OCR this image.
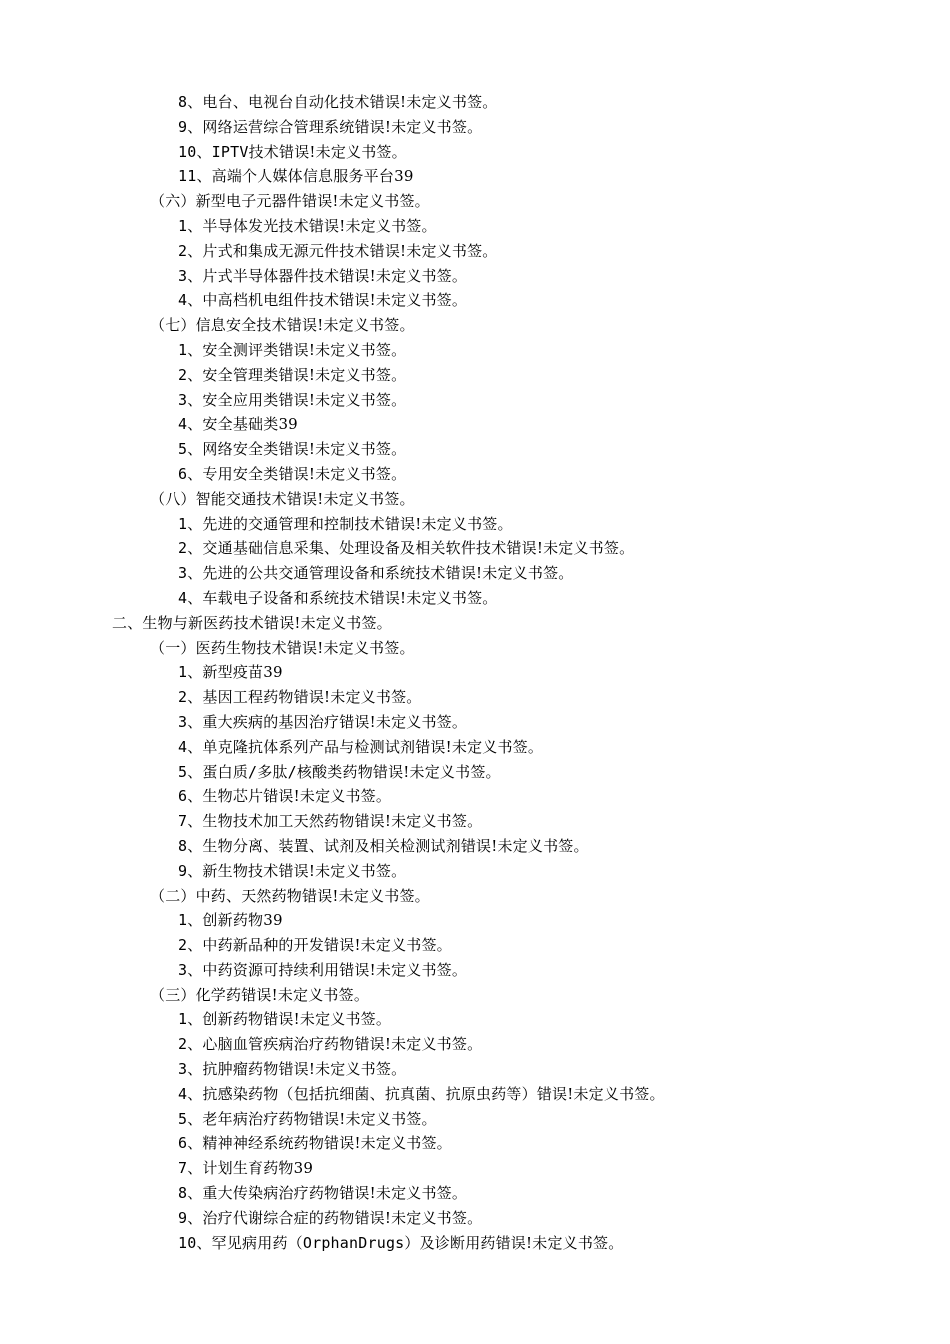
8、电台、电视台自动化技术错误!未定义书签。
9、网络运营综合管理系统错误!未定义书签。
10、IPTV技术错误!未定义书签。
11、高端个人媒体信息服务平台39
（六）新型电子元器件错误!未定义书签。
1、半导体发光技术错误!未定义书签。
2、片式和集成无源元件技术错误!未定义书签。
3、片式半导体器件技术错误!未定义书签。
4、中高档机电组件技术错误!未定义书签。
（七）信息安全技术错误!未定义书签。
1、安全测评类错误!未定义书签。
2、安全管理类错误!未定义书签。
3、安全应用类错误!未定义书签。
4、安全基础类39
5、网络安全类错误!未定义书签。
6、专用安全类错误!未定义书签。
（八）智能交通技术错误!未定义书签。
1、先进的交通管理和控制技术错误!未定义书签。
2、交通基础信息采集、处理设备及相关软件技术错误!未定义书签。
3、先进的公共交通管理设备和系统技术错误!未定义书签。
4、车载电子设备和系统技术错误!未定义书签。
二、生物与新医药技术错误!未定义书签。
（一）医药生物技术错误!未定义书签。
1、新型疫苗39
2、基因工程药物错误!未定义书签。
3、重大疾病的基因治疗错误!未定义书签。
4、单克隆抗体系列产品与检测试剂错误!未定义书签。
5、蛋白质/多肽/核酸类药物错误!未定义书签。
6、生物芯片错误!未定义书签。
7、生物技术加工天然药物错误!未定义书签。
8、生物分离、装置、试剂及相关检测试剂错误!未定义书签。
9、新生物技术错误!未定义书签。
（二）中药、天然药物错误!未定义书签。
1、创新药物39
2、中药新品种的开发错误!未定义书签。
3、中药资源可持续利用错误!未定义书签。
（三）化学药错误!未定义书签。
1、创新药物错误!未定义书签。
2、心脑血管疾病治疗药物错误!未定义书签。
3、抗肿瘤药物错误!未定义书签。
4、抗感染药物（包括抗细菌、抗真菌、抗原虫药等）错误!未定义书签。
5、老年病治疗药物错误!未定义书签。
6、精神神经系统药物错误!未定义书签。
7、计划生育药物39
8、重大传染病治疗药物错误!未定义书签。
9、治疗代谢综合症的药物错误!未定义书签。
10、罕见病用药（OrphanDrugs）及诊断用药错误!未定义书签。
